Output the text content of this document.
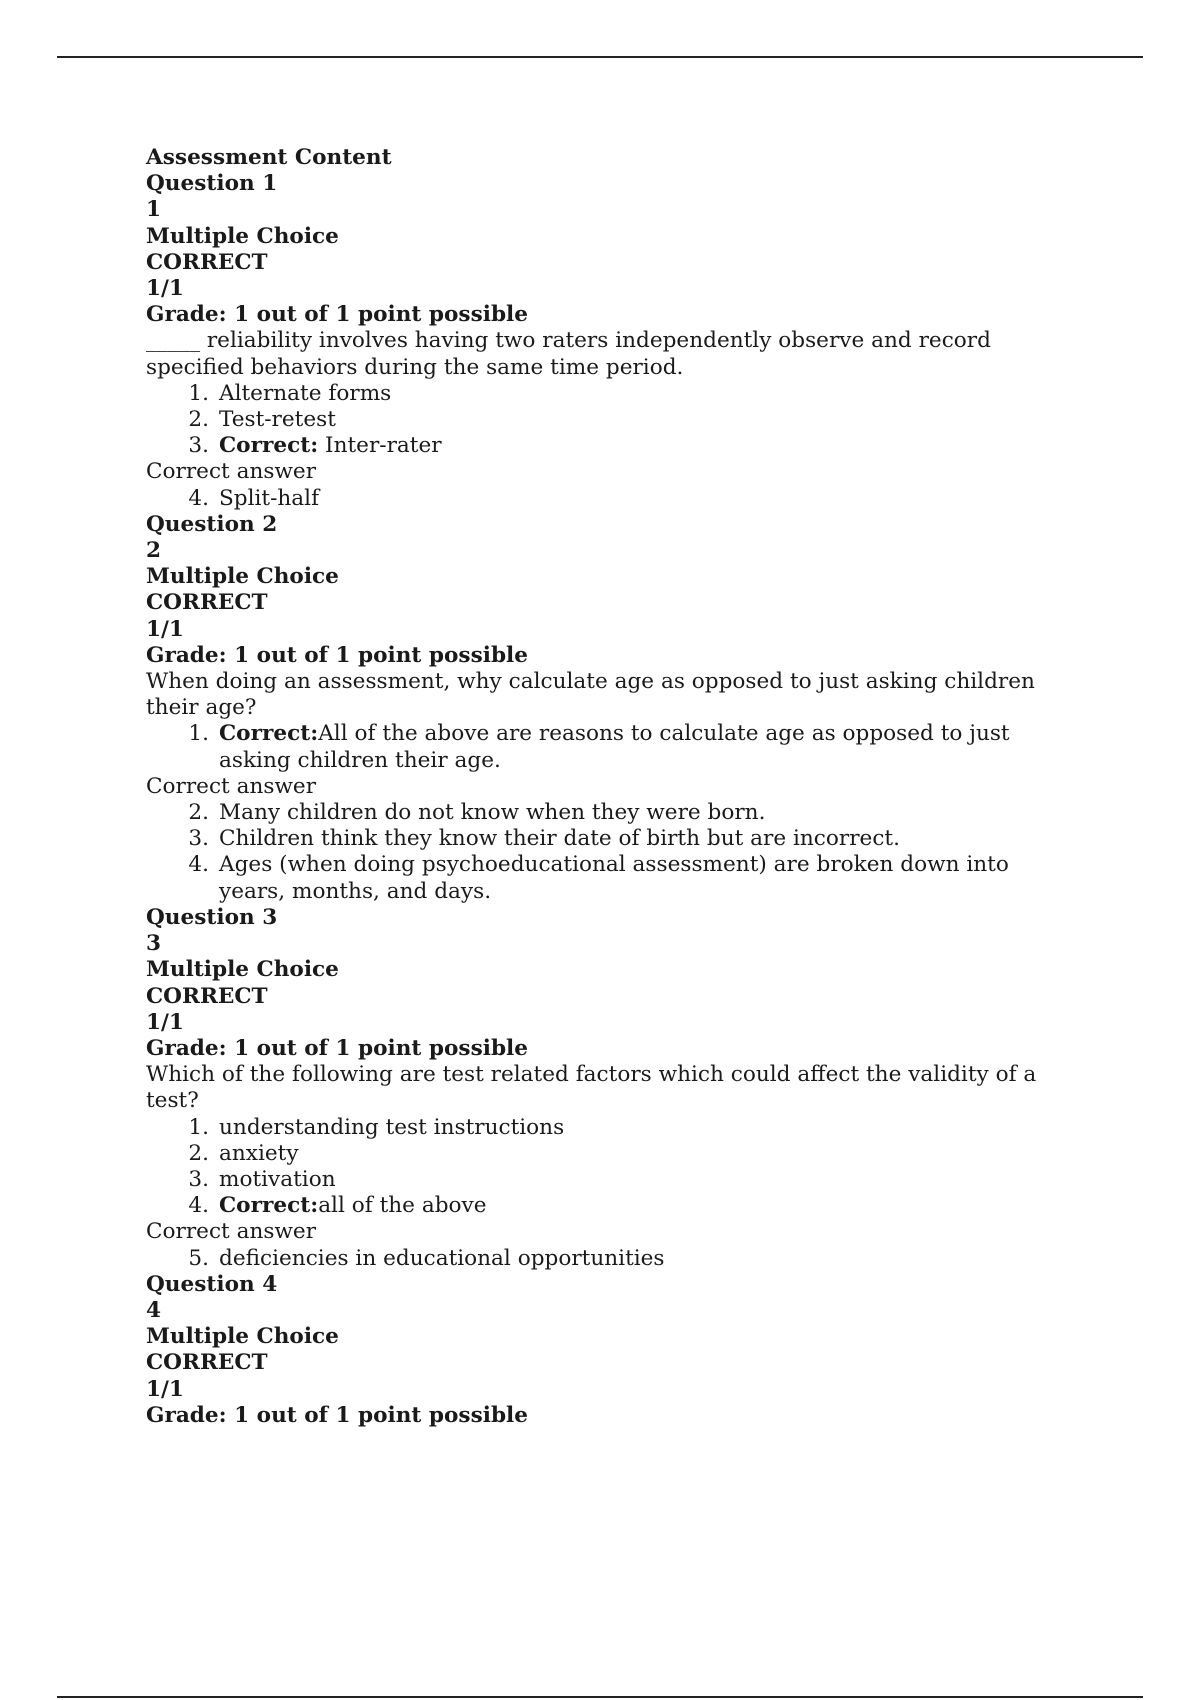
Assessment Content

Question 1

1

Multiple Choice

CORRECT

1/1

Grade: 1 out of 1 point possible

_____ reliability involves having two raters independently observe and record specified behaviors during the same time period.

1. Alternate forms
2. Test-retest
3. Correct: Inter-rater

Correct answer

4. Split-half

Question 2

2

Multiple Choice

CORRECT

1/1

Grade: 1 out of 1 point possible

When doing an assessment, why calculate age as opposed to just asking children their age?

1. Correct:All of the above are reasons to calculate age as opposed to just asking children their age.

Correct answer

2. Many children do not know when they were born.
3. Children think they know their date of birth but are incorrect.
4. Ages (when doing psychoeducational assessment) are broken down into years, months, and days.

Question 3

3

Multiple Choice

CORRECT

1/1

Grade: 1 out of 1 point possible

Which of the following are test related factors which could affect the validity of a test?

1. understanding test instructions
2. anxiety
3. motivation
4. Correct:all of the above

Correct answer

5. deficiencies in educational opportunities

Question 4

4

Multiple Choice

CORRECT

1/1

Grade: 1 out of 1 point possible
